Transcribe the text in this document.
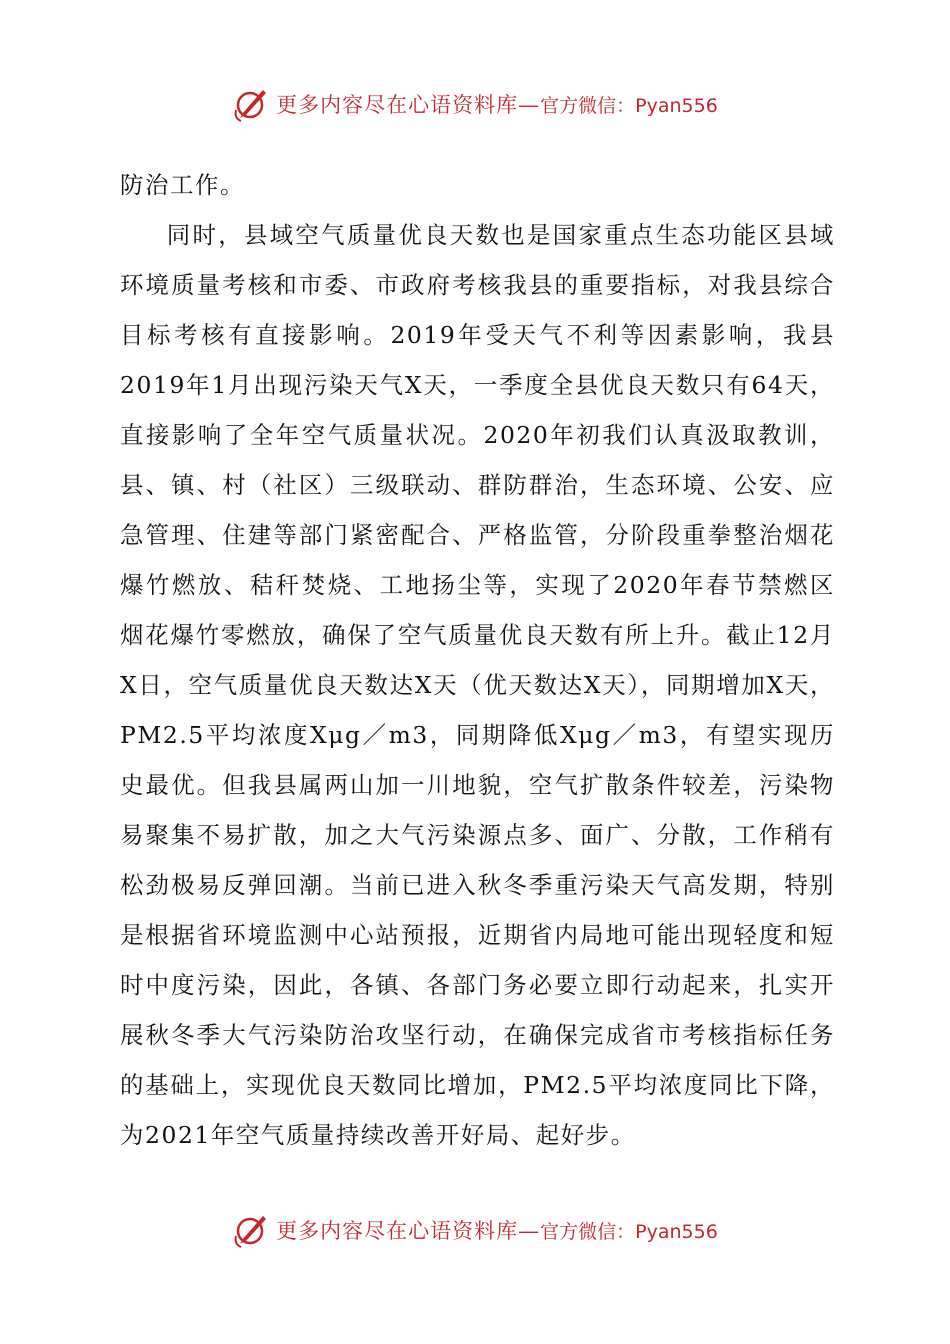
更多内容尽在心语资料库—官方微信：Pyan556

防治工作。

同时，县域空气质量优良天数也是国家重点生态功能区县域环境质量考核和市委、市政府考核我县的重要指标，对我县综合目标考核有直接影响。2019年受天气不利等因素影响，我县2019年1月出现污染天气X天，一季度全县优良天数只有64天，直接影响了全年空气质量状况。2020年初我们认真汲取教训，县、镇、村（社区）三级联动、群防群治，生态环境、公安、应急管理、住建等部门紧密配合、严格监管，分阶段重拳整治烟花爆竹燃放、秸秆焚烧、工地扬尘等，实现了2020年春节禁燃区烟花爆竹零燃放，确保了空气质量优良天数有所上升。截止12月X日，空气质量优良天数达X天（优天数达X天），同期增加X天，PM2.5平均浓度Xμg／m3，同期降低Xμg／m3，有望实现历史最优。但我县属两山加一川地貌，空气扩散条件较差，污染物易聚集不易扩散，加之大气污染源点多、面广、分散，工作稍有松劲极易反弹回潮。当前已进入秋冬季重污染天气高发期，特别是根据省环境监测中心站预报，近期省内局地可能出现轻度和短时中度污染，因此，各镇、各部门务必要立即行动起来，扎实开展秋冬季大气污染防治攻坚行动，在确保完成省市考核指标任务的基础上，实现优良天数同比增加，PM2.5平均浓度同比下降，为2021年空气质量持续改善开好局、起好步。

更多内容尽在心语资料库—官方微信：Pyan556
